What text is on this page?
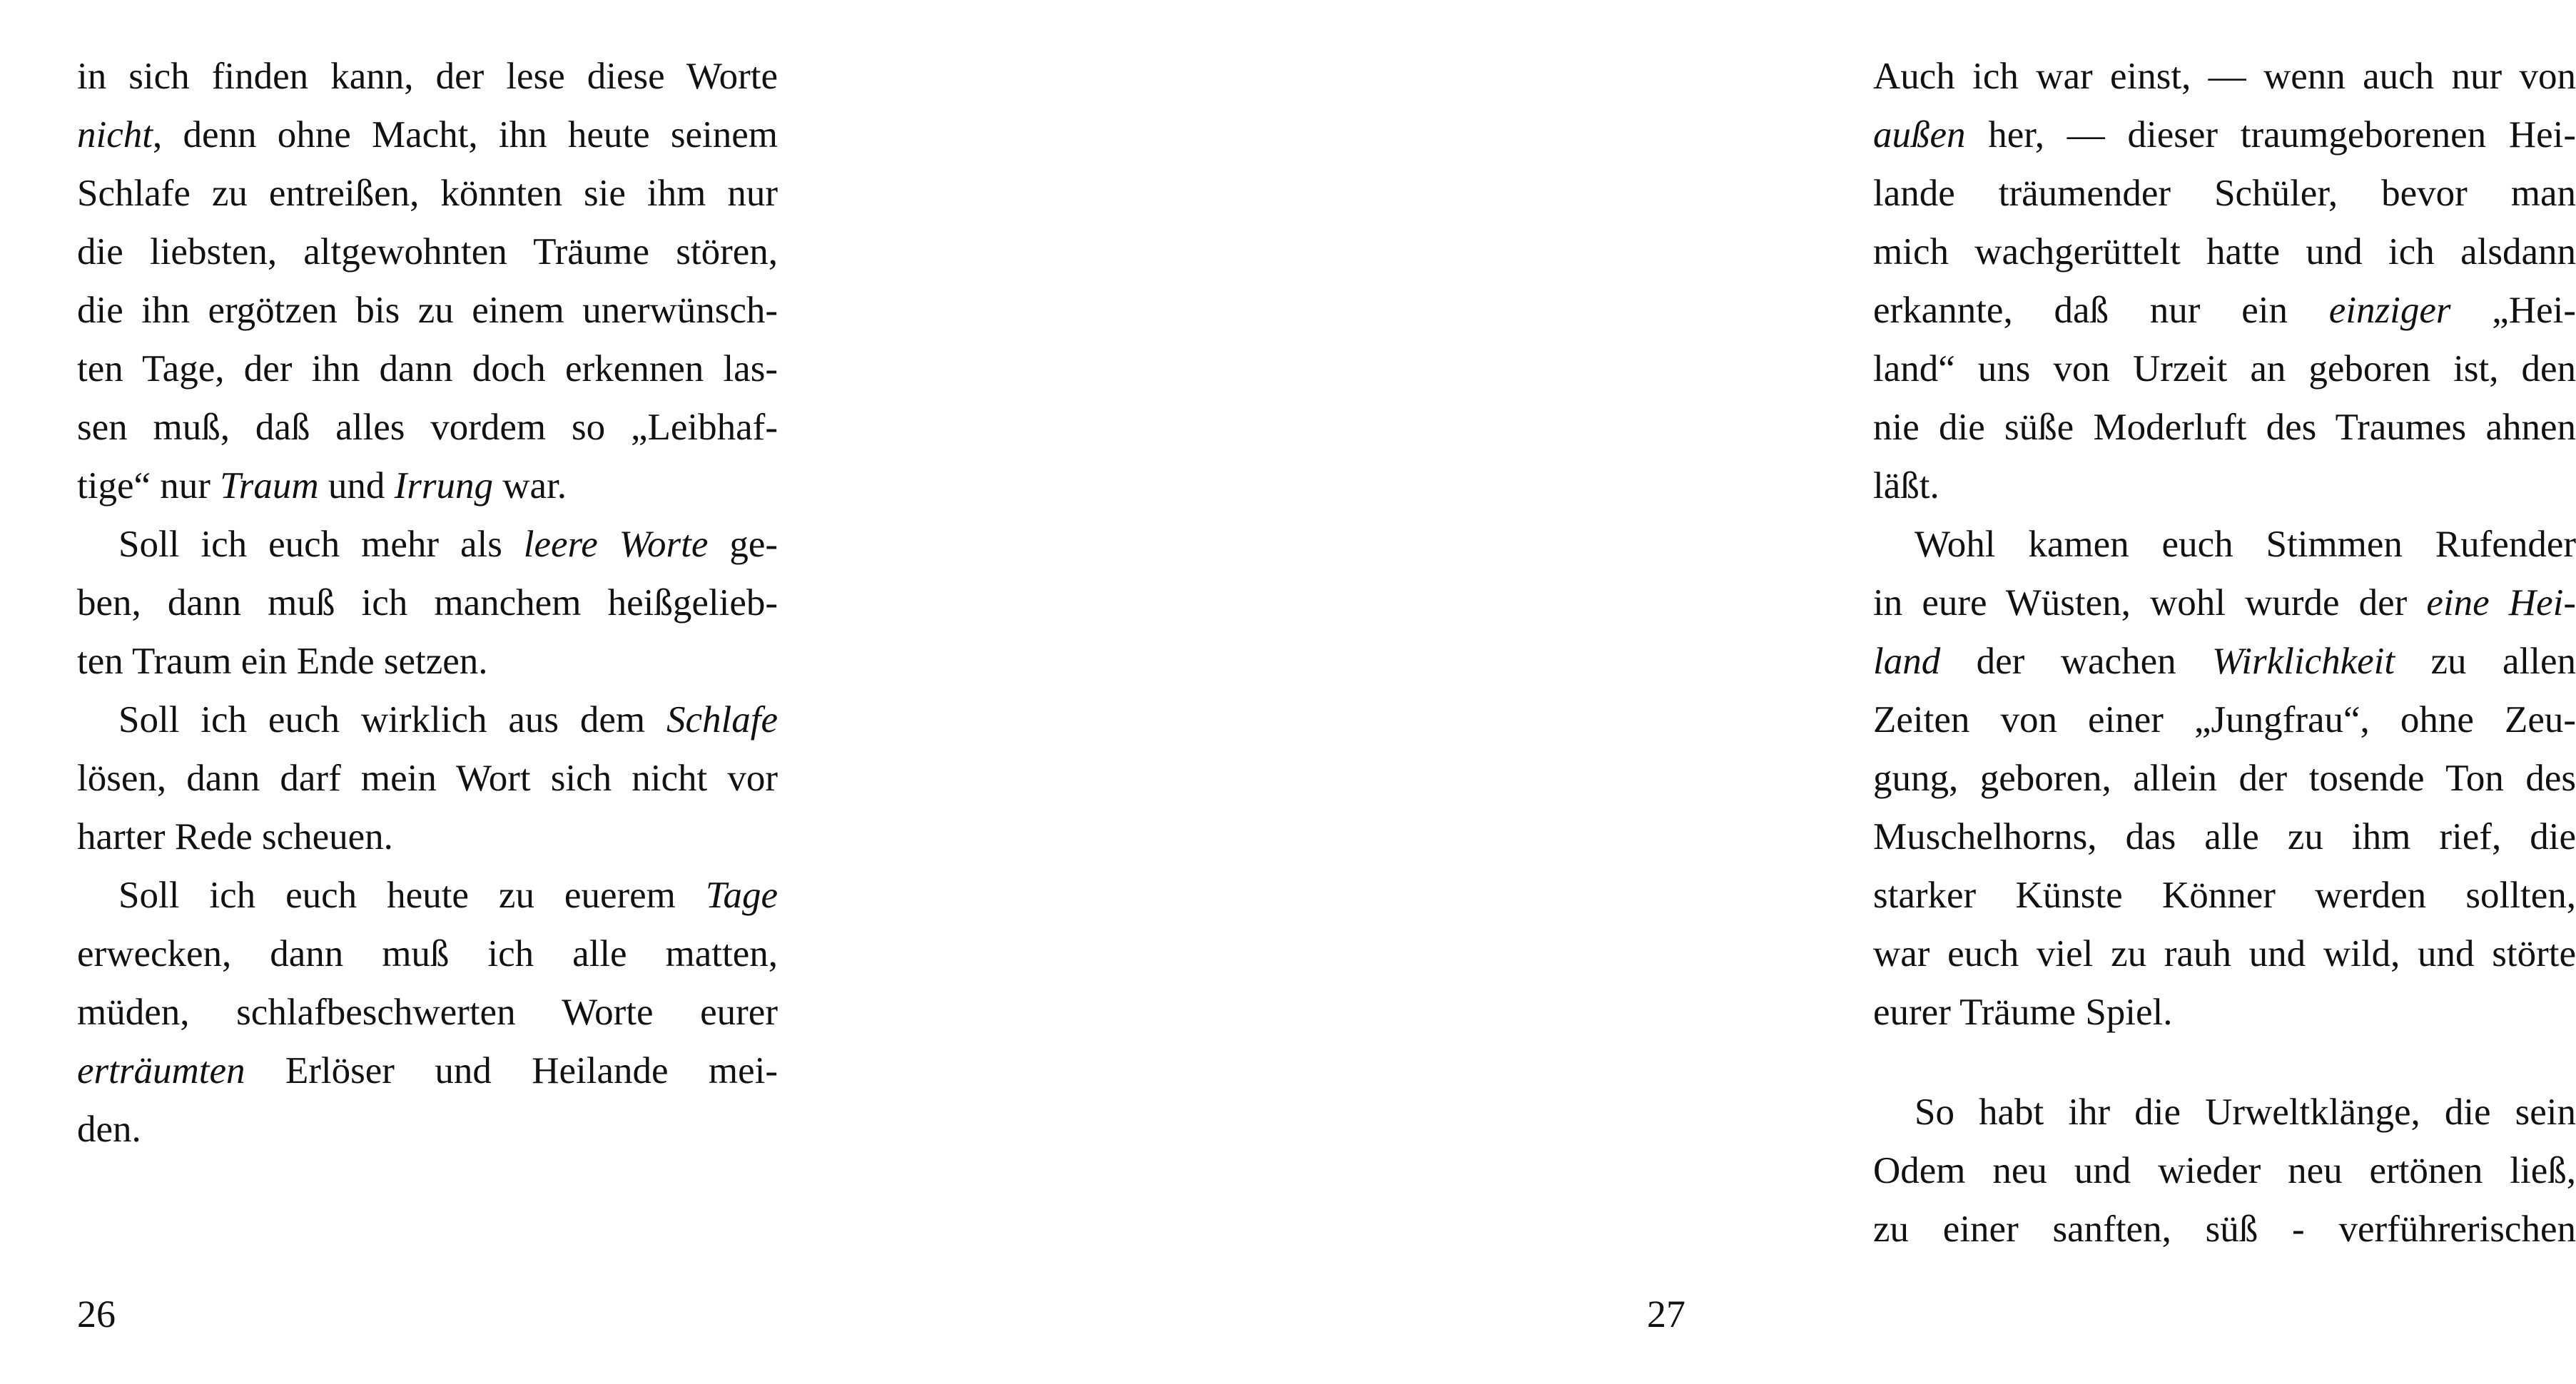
in sich finden kann, der lese diese Worte
nicht, denn ohne Macht, ihn heute seinem
Schlafe zu entreißen, könnten sie ihm nur
die liebsten, altgewohnten Träume stören,
die ihn ergötzen bis zu einem unerwünsch-
ten Tage, der ihn dann doch erkennen las-
sen muß, daß alles vordem so „Leibhaf-
tige“ nur Traum und Irrung war.
Soll ich euch mehr als leere Worte ge-
ben, dann muß ich manchem heißgelieb-
ten Traum ein Ende setzen.
Soll ich euch wirklich aus dem Schlafe
lösen, dann darf mein Wort sich nicht vor
harter Rede scheuen.
Soll ich euch heute zu euerem Tage
erwecken, dann muß ich alle matten,
müden, schlafbeschwerten Worte eurer
erträumten Erlöser und Heilande mei-
den.
26
Auch ich war einst, — wenn auch nur von
außen her, — dieser traumgeborenen Hei-
lande träumender Schüler, bevor man
mich wachgerüttelt hatte und ich alsdann
erkannte, daß nur ein einziger „Hei-
land“ uns von Urzeit an geboren ist, den
nie die süße Moderluft des Traumes ahnen
läßt.
Wohl kamen euch Stimmen Rufender
in eure Wüsten, wohl wurde der eine Hei-
land der wachen Wirklichkeit zu allen
Zeiten von einer „Jungfrau“, ohne Zeu-
gung, geboren, allein der tosende Ton des
Muschelhorns, das alle zu ihm rief, die
starker Künste Könner werden sollten,
war euch viel zu rauh und wild, und störte
eurer Träume Spiel.
So habt ihr die Urweltklänge, die sein
Odem neu und wieder neu ertönen ließ,
zu einer sanften, süß - verführerischen
27
